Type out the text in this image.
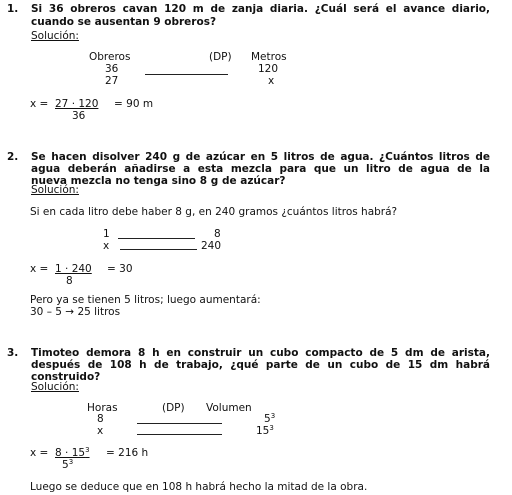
1. Si 36 obreros cavan 120 m de zanja diaria. ¿Cuál será el avance diario,
cuando se ausentan 9 obreros?
Solución:
Obreros	(DP) Metros
36	120
27	x
x = 27 · 120
36
= 90 m
2. Se hacen disolver 240 g de azúcar en 5 litros de agua. ¿Cuántos litros de
agua deberán añadirse a esta mezcla para que un litro de agua de la
nueva mezcla no tenga sino 8 g de azúcar?
Solución:
Si en cada litro debe haber 8 g, en 240 gramos ¿cuántos litros habrá?
1	8
x	240
x = 1 · 240
8
= 30
Pero ya se tienen 5 litros; luego aumentará:
30 – 5 → 25 litros
3. Timoteo demora 8 h en construir un cubo compacto de 5 dm de arista,
después de 108 h de trabajo, ¿qué parte de un cubo de 15 dm habrá
construido?
Solución:
Horas	(DP) Volumen
8	$5^3$
x	$15^3$
$x = 8 \cdot 15^3$
$5^3$
= 216 h
Luego se deduce que en 108 h habrá hecho la mitad de la obra.
